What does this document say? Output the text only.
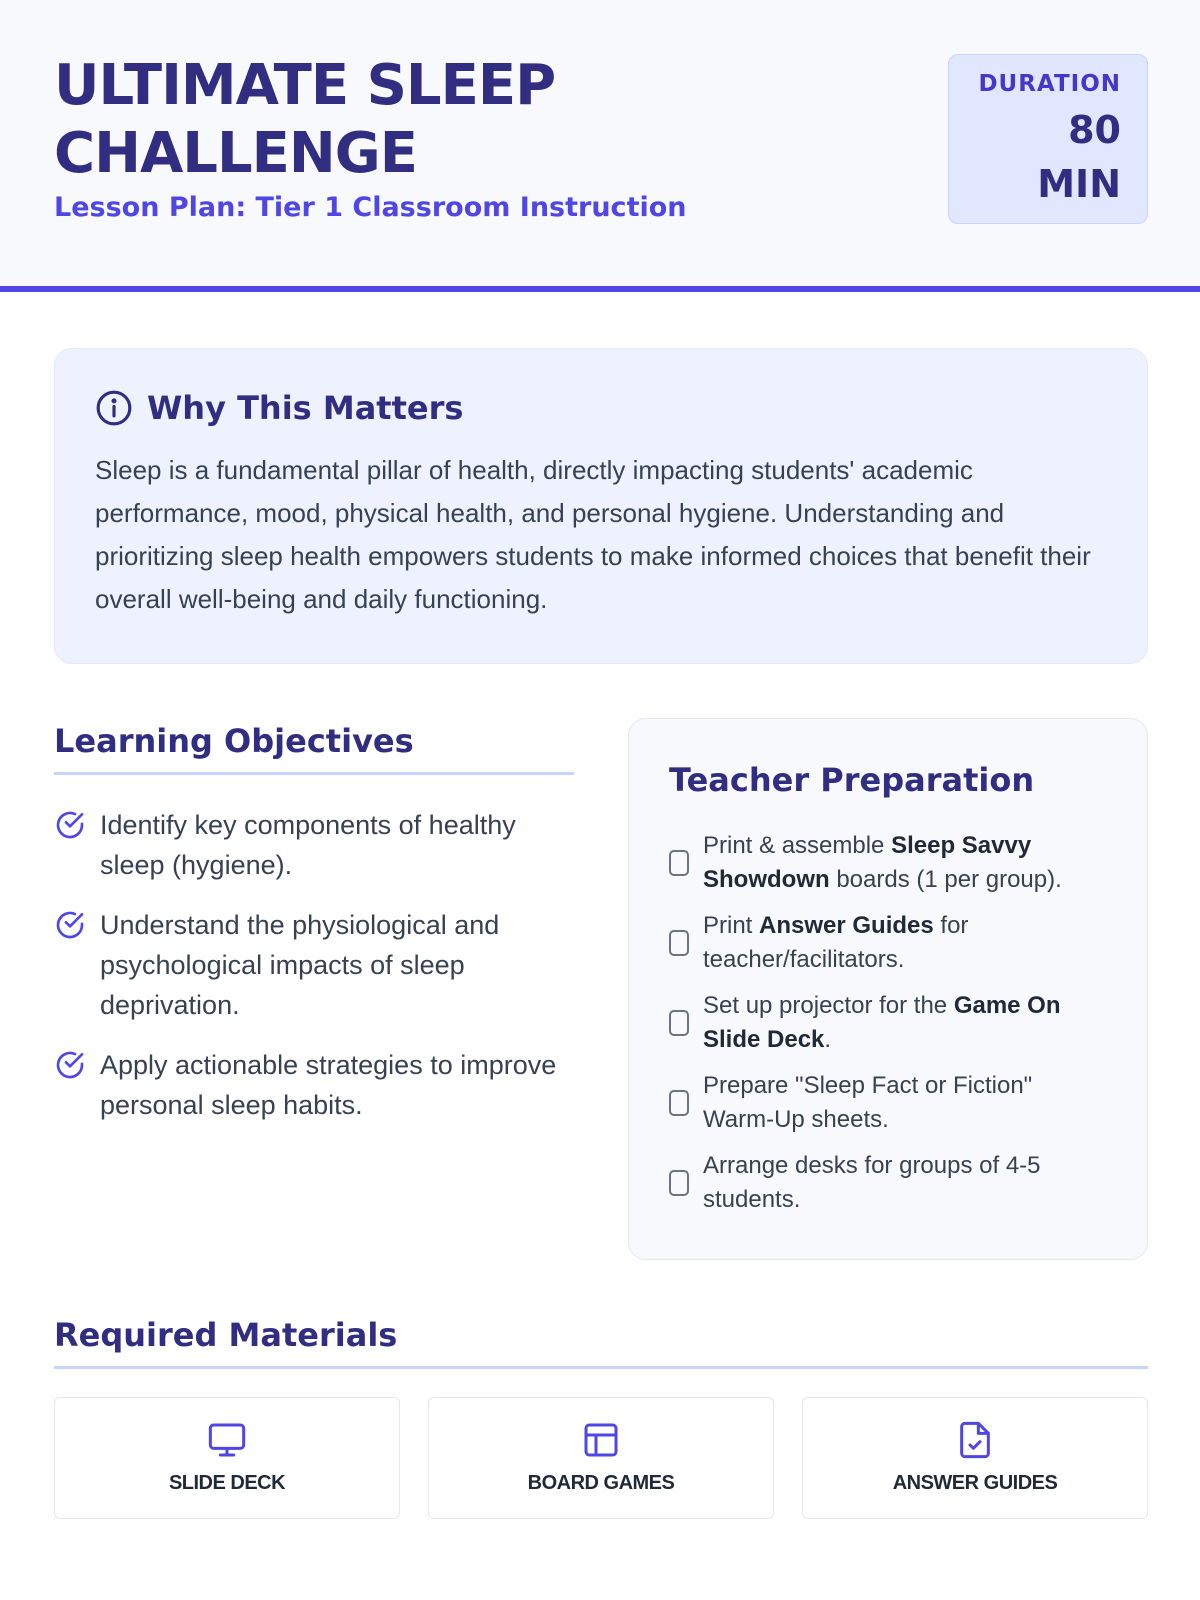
ULTIMATE SLEEP CHALLENGE
Lesson Plan: Tier 1 Classroom Instruction
DURATION
80
MIN
Why This Matters

Sleep is a fundamental pillar of health, directly impacting students' academic performance, mood, physical health, and personal hygiene. Understanding and prioritizing sleep health empowers students to make informed choices that benefit their overall well-being and daily functioning.

Learning Objectives
Identify key components of healthy sleep (hygiene).
Understand the physiological and psychological impacts of sleep deprivation.
Apply actionable strategies to improve personal sleep habits.
Teacher Preparation
Print & assemble Sleep Savvy Showdown boards (1 per group).
Print Answer Guides for teacher/facilitators.
Set up projector for the Game On Slide Deck.
Prepare "Sleep Fact or Fiction" Warm-Up sheets.
Arrange desks for groups of 4-5 students.
Required Materials
SLIDE DECK	BOARD GAMES	ANSWER GUIDES
